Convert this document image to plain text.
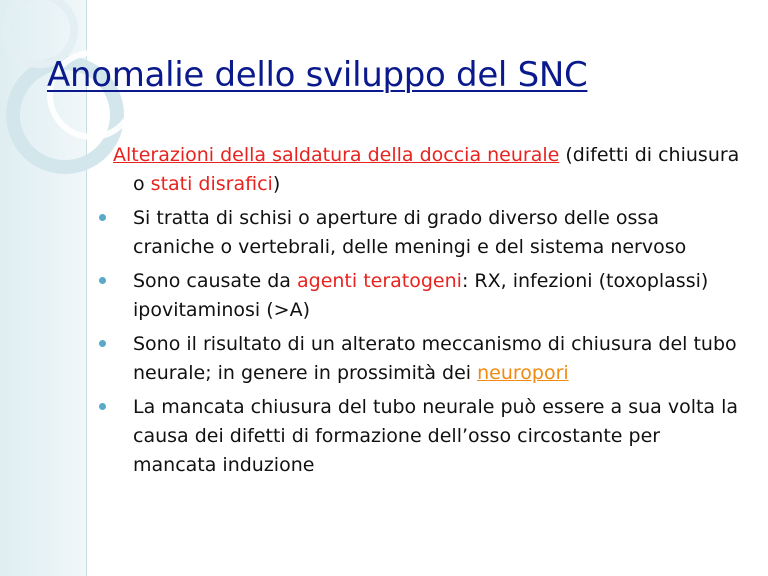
Anomalie dello sviluppo del SNC

Alterazioni della saldatura della doccia neurale (difetti di chiusura o stati disrafici)

Si tratta di schisi o aperture di grado diverso delle ossa craniche o vertebrali, delle meningi e del sistema nervoso
Sono causate da agenti teratogeni: RX, infezioni (toxoplassi) ipovitaminosi (>A)
Sono il risultato di un alterato meccanismo di chiusura del tubo neurale; in genere in prossimità dei neuropori
La mancata chiusura del tubo neurale può essere a sua volta la causa dei difetti di formazione dell’osso circostante per mancata induzione
